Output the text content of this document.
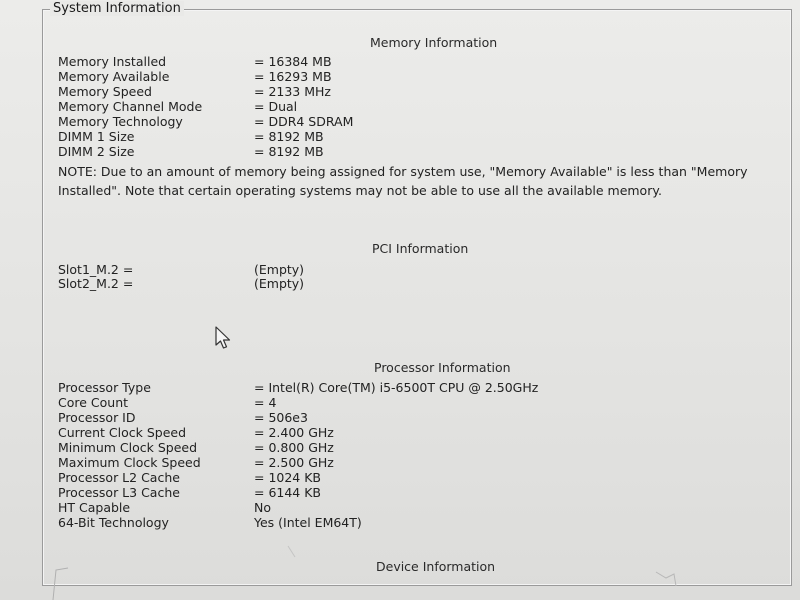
System Information
Memory Information
Memory Installed	= 16384 MB
Memory Available	= 16293 MB
Memory Speed	= 2133 MHz
Memory Channel Mode	= Dual
Memory Technology	= DDR4 SDRAM
DIMM 1 Size	= 8192 MB
DIMM 2 Size	= 8192 MB
NOTE: Due to an amount of memory being assigned for system use, "Memory Available" is less than "Memory Installed". Note that certain operating systems may not be able to use all the available memory.
PCI Information
Slot1_M.2 =	(Empty)
Slot2_M.2 =	(Empty)
Processor Information
Processor Type	= Intel(R) Core(TM) i5-6500T CPU @ 2.50GHz
Core Count	= 4
Processor ID	= 506e3
Current Clock Speed	= 2.400 GHz
Minimum Clock Speed	= 0.800 GHz
Maximum Clock Speed	= 2.500 GHz
Processor L2 Cache	= 1024 KB
Processor L3 Cache	= 6144 KB
HT Capable	No
64-Bit Technology	Yes (Intel EM64T)
Device Information
